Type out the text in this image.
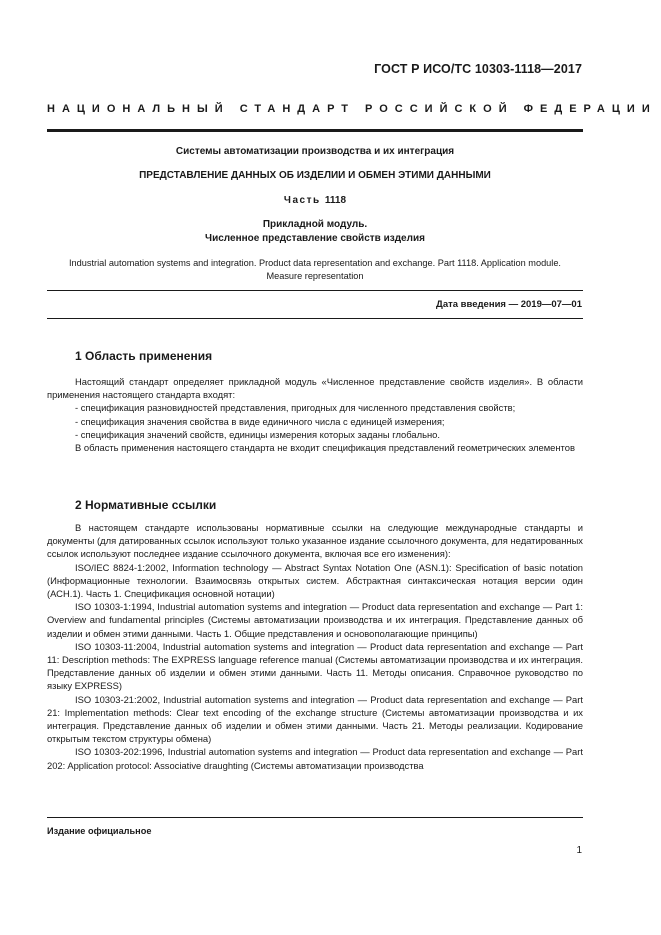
ГОСТ Р ИСО/ТС 10303-1118—2017
НАЦИОНАЛЬНЫЙ СТАНДАРТ РОССИЙСКОЙ ФЕДЕРАЦИИ
Системы автоматизации производства и их интеграция
ПРЕДСТАВЛЕНИЕ ДАННЫХ ОБ ИЗДЕЛИИ И ОБМЕН ЭТИМИ ДАННЫМИ
Часть 1118
Прикладной модуль.
Численное представление свойств изделия
Industrial automation systems and integration. Product data representation and exchange. Part 1118. Application module.
Measure representation
Дата введения — 2019—07—01
1 Область применения

Настоящий стандарт определяет прикладной модуль «Численное представление свойств изделия». В области применения настоящего стандарта входят:

- спецификация разновидностей представления, пригодных для численного представления свойств;

- спецификация значения свойства в виде единичного числа с единицей измерения;

- спецификация значений свойств, единицы измерения которых заданы глобально.

В область применения настоящего стандарта не входит спецификация представлений геометрических элементов

2 Нормативные ссылки

В настоящем стандарте использованы нормативные ссылки на следующие международные стандарты и документы (для датированных ссылок используют только указанное издание ссылочного документа, для недатированных ссылок используют последнее издание ссылочного документа, включая все его изменения):

ISO/IEC 8824-1:2002, Information technology — Abstract Syntax Notation One (ASN.1): Specification of basic notation (Информационные технологии. Взаимосвязь открытых систем. Абстрактная синтаксическая нотация версии один (АСН.1). Часть 1. Спецификация основной нотации)

ISO 10303-1:1994, Industrial automation systems and integration — Product data representation and exchange — Part 1: Overview and fundamental principles (Системы автоматизации производства и их интеграция. Представление данных об изделии и обмен этими данными. Часть 1. Общие представления и основополагающие принципы)

ISO 10303-11:2004, Industrial automation systems and integration — Product data representation and exchange — Part 11: Description methods: The EXPRESS language reference manual (Системы автоматизации производства и их интеграция. Представление данных об изделии и обмен этими данными. Часть 11. Методы описания. Справочное руководство по языку EXPRESS)

ISO 10303-21:2002, Industrial automation systems and integration — Product data representation and exchange — Part 21: Implementation methods: Clear text encoding of the exchange structure (Системы автоматизации производства и их интеграция. Представление данных об изделии и обмен этими данными. Часть 21. Методы реализации. Кодирование открытым текстом структуры обмена)

ISO 10303-202:1996, Industrial automation systems and integration — Product data representation and exchange — Part 202: Application protocol: Associative draughting (Системы автоматизации производства

Издание официальное
1
